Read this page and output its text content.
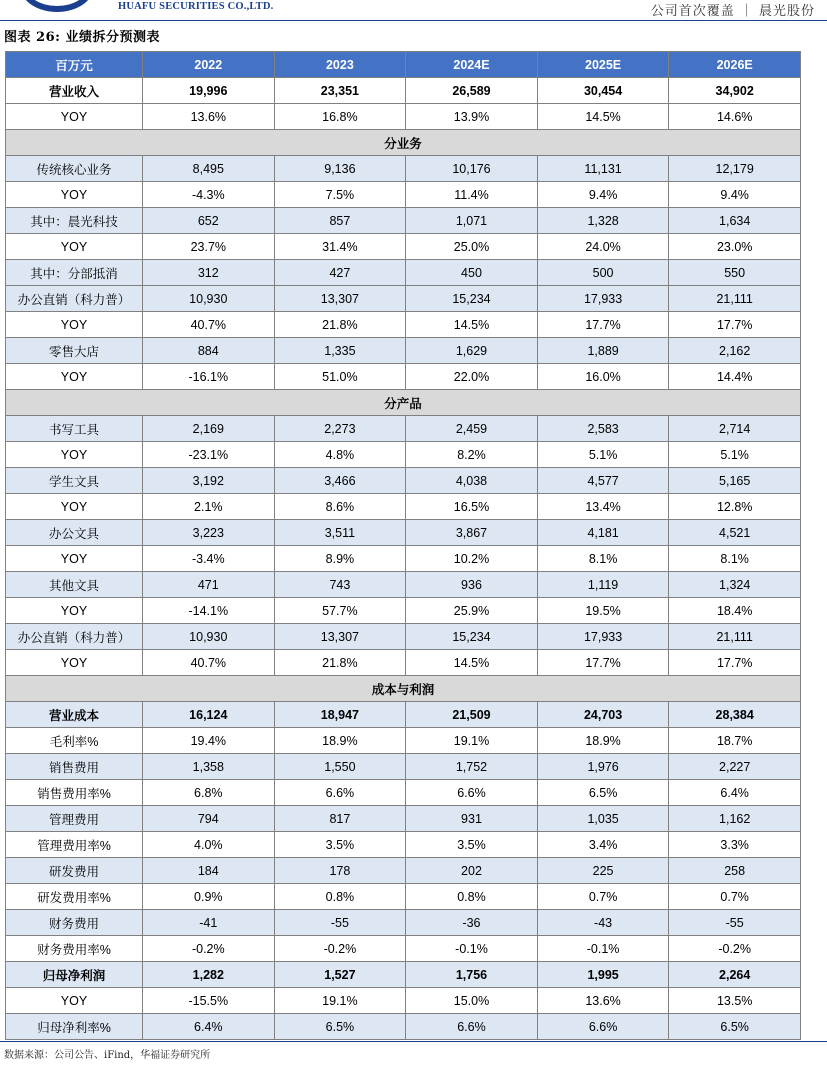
HUAFU SECURITIES CO.,LTD.	公司首次覆盖 ｜ 晨光股份
图表 26: 业绩拆分预测表
百万元	2022	2023	2024E	2025E	2026E
营业收入	19,996	23,351	26,589	30,454	34,902
YOY	13.6%	16.8%	13.9%	14.5%	14.6%
分业务					
传统核心业务	8,495	9,136	10,176	11,131	12,179
YOY	-4.3%	7.5%	11.4%	9.4%	9.4%
其中：晨光科技	652	857	1,071	1,328	1,634
YOY	23.7%	31.4%	25.0%	24.0%	23.0%
其中：分部抵消	312	427	450	500	550
办公直销（科力普）	10,930	13,307	15,234	17,933	21,111
YOY	40.7%	21.8%	14.5%	17.7%	17.7%
零售大店	884	1,335	1,629	1,889	2,162
YOY	-16.1%	51.0%	22.0%	16.0%	14.4%
分产品					
书写工具	2,169	2,273	2,459	2,583	2,714
YOY	-23.1%	4.8%	8.2%	5.1%	5.1%
学生文具	3,192	3,466	4,038	4,577	5,165
YOY	2.1%	8.6%	16.5%	13.4%	12.8%
办公文具	3,223	3,511	3,867	4,181	4,521
YOY	-3.4%	8.9%	10.2%	8.1%	8.1%
其他文具	471	743	936	1,119	1,324
YOY	-14.1%	57.7%	25.9%	19.5%	18.4%
办公直销（科力普）	10,930	13,307	15,234	17,933	21,111
YOY	40.7%	21.8%	14.5%	17.7%	17.7%
成本与利润					
营业成本	16,124	18,947	21,509	24,703	28,384
毛利率%	19.4%	18.9%	19.1%	18.9%	18.7%
销售费用	1,358	1,550	1,752	1,976	2,227
销售费用率%	6.8%	6.6%	6.6%	6.5%	6.4%
管理费用	794	817	931	1,035	1,162
管理费用率%	4.0%	3.5%	3.5%	3.4%	3.3%
研发费用	184	178	202	225	258
研发费用率%	0.9%	0.8%	0.8%	0.7%	0.7%
财务费用	-41	-55	-36	-43	-55
财务费用率%	-0.2%	-0.2%	-0.1%	-0.1%	-0.2%
归母净利润	1,282	1,527	1,756	1,995	2,264
YOY	-15.5%	19.1%	15.0%	13.6%	13.5%
归母净利率%	6.4%	6.5%	6.6%	6.6%	6.5%
数据来源：公司公告、iFind，华福证券研究所
